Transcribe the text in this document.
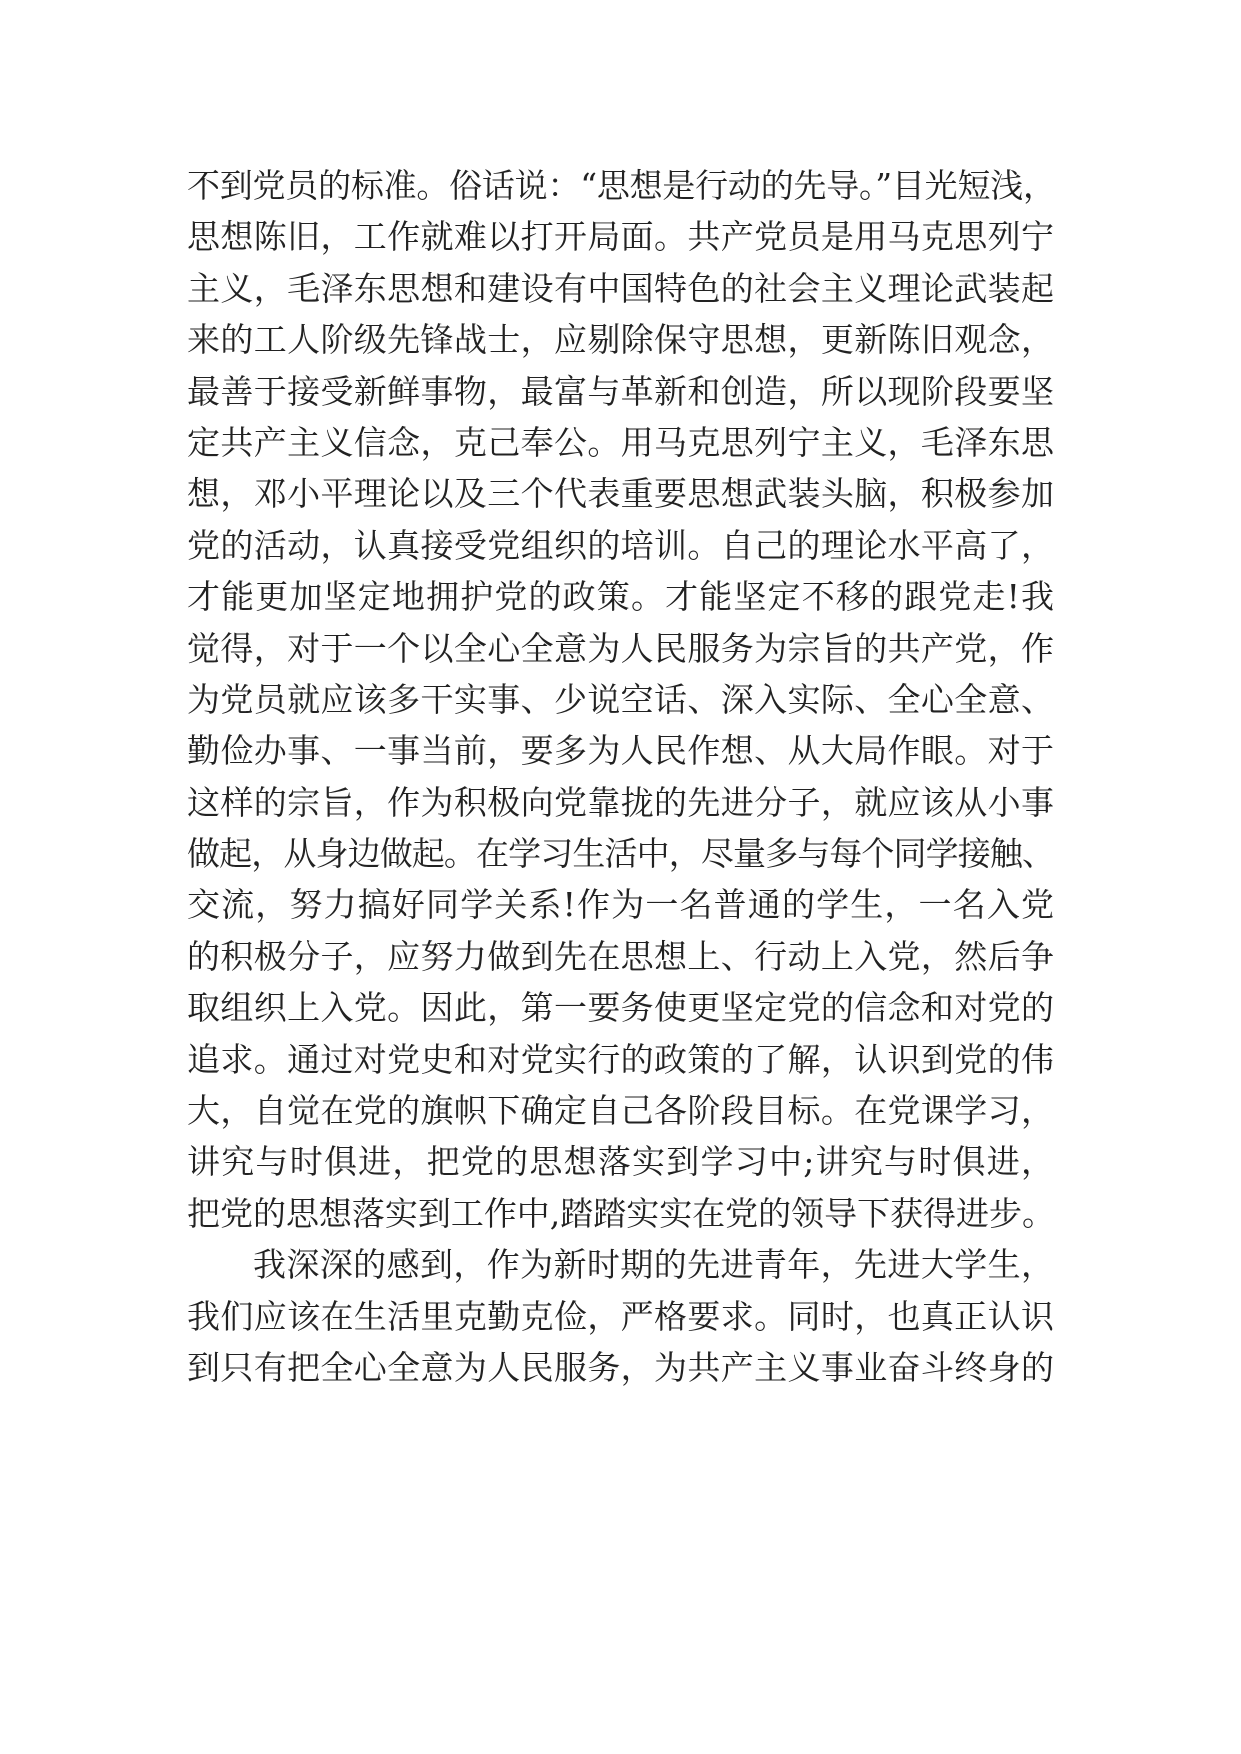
不到党员的标准。俗话说：“思想是行动的先导。”目光短浅，
思想陈旧，工作就难以打开局面。共产党员是用马克思列宁
主义，毛泽东思想和建设有中国特色的社会主义理论武装起
来的工人阶级先锋战士，应剔除保守思想，更新陈旧观念，
最善于接受新鲜事物，最富与革新和创造，所以现阶段要坚
定共产主义信念，克己奉公。用马克思列宁主义，毛泽东思
想，邓小平理论以及三个代表重要思想武装头脑，积极参加
党的活动，认真接受党组织的培训。自己的理论水平高了，
才能更加坚定地拥护党的政策。才能坚定不移的跟党走!我
觉得，对于一个以全心全意为人民服务为宗旨的共产党，作
为党员就应该多干实事、少说空话、深入实际、全心全意、
勤俭办事、一事当前，要多为人民作想、从大局作眼。对于
这样的宗旨，作为积极向党靠拢的先进分子，就应该从小事
做起，从身边做起。在学习生活中，尽量多与每个同学接触、
交流，努力搞好同学关系!作为一名普通的学生，一名入党
的积极分子，应努力做到先在思想上、行动上入党，然后争
取组织上入党。因此，第一要务使更坚定党的信念和对党的
追求。通过对党史和对党实行的政策的了解，认识到党的伟
大，自觉在党的旗帜下确定自己各阶段目标。在党课学习，
讲究与时俱进，把党的思想落实到学习中;讲究与时俱进，
把党的思想落实到工作中,踏踏实实在党的领导下获得进步。
我深深的感到，作为新时期的先进青年，先进大学生，
我们应该在生活里克勤克俭，严格要求。同时，也真正认识
到只有把全心全意为人民服务，为共产主义事业奋斗终身的
